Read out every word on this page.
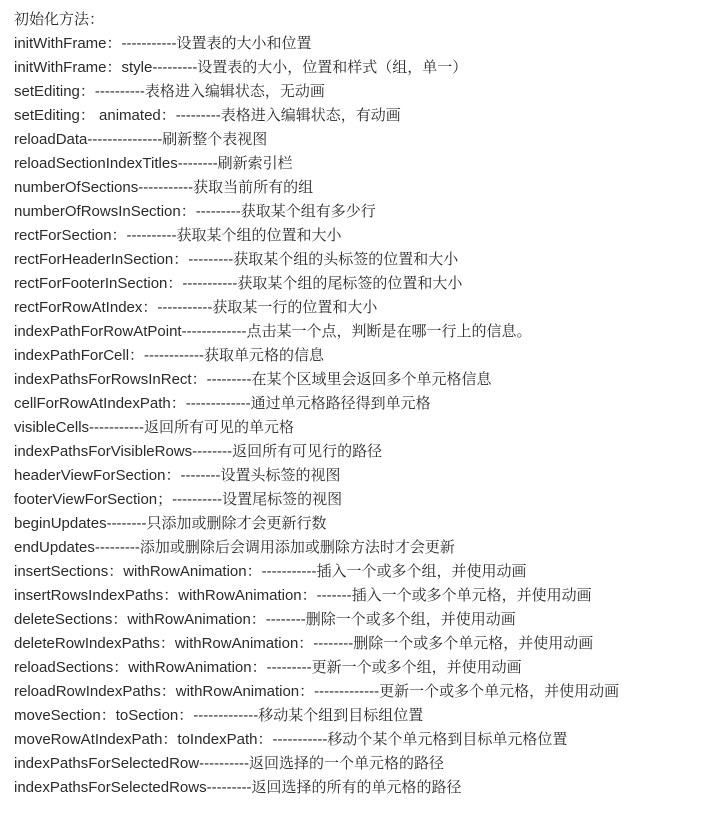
初始化方法：
initWithFrame：-----------设置表的大小和位置
initWithFrame：style---------设置表的大小，位置和样式（组，单一）
setEditing：----------表格进入编辑状态，无动画
setEditing： animated：---------表格进入编辑状态，有动画
reloadData---------------刷新整个表视图
reloadSectionIndexTitles--------刷新索引栏
numberOfSections-----------获取当前所有的组
numberOfRowsInSection：---------获取某个组有多少行
rectForSection：----------获取某个组的位置和大小
rectForHeaderInSection：---------获取某个组的头标签的位置和大小
rectForFooterInSection：-----------获取某个组的尾标签的位置和大小
rectForRowAtIndex：-----------获取某一行的位置和大小
indexPathForRowAtPoint-------------点击某一个点，判断是在哪一行上的信息。
indexPathForCell：------------获取单元格的信息
indexPathsForRowsInRect：---------在某个区域里会返回多个单元格信息
cellForRowAtIndexPath：-------------通过单元格路径得到单元格
visibleCells-----------返回所有可见的单元格
indexPathsForVisibleRows--------返回所有可见行的路径
headerViewForSection：--------设置头标签的视图
footerViewForSection；----------设置尾标签的视图
beginUpdates--------只添加或删除才会更新行数
endUpdates---------添加或删除后会调用添加或删除方法时才会更新
insertSections：withRowAnimation：-----------插入一个或多个组，并使用动画
insertRowsIndexPaths：withRowAnimation：-------插入一个或多个单元格，并使用动画
deleteSections：withRowAnimation：--------删除一个或多个组，并使用动画
deleteRowIndexPaths：withRowAnimation：--------删除一个或多个单元格，并使用动画
reloadSections：withRowAnimation：---------更新一个或多个组，并使用动画
reloadRowIndexPaths：withRowAnimation：-------------更新一个或多个单元格，并使用动画
moveSection：toSection：-------------移动某个组到目标组位置
moveRowAtIndexPath：toIndexPath：-----------移动个某个单元格到目标单元格位置
indexPathsForSelectedRow----------返回选择的一个单元格的路径
indexPathsForSelectedRows---------返回选择的所有的单元格的路径
